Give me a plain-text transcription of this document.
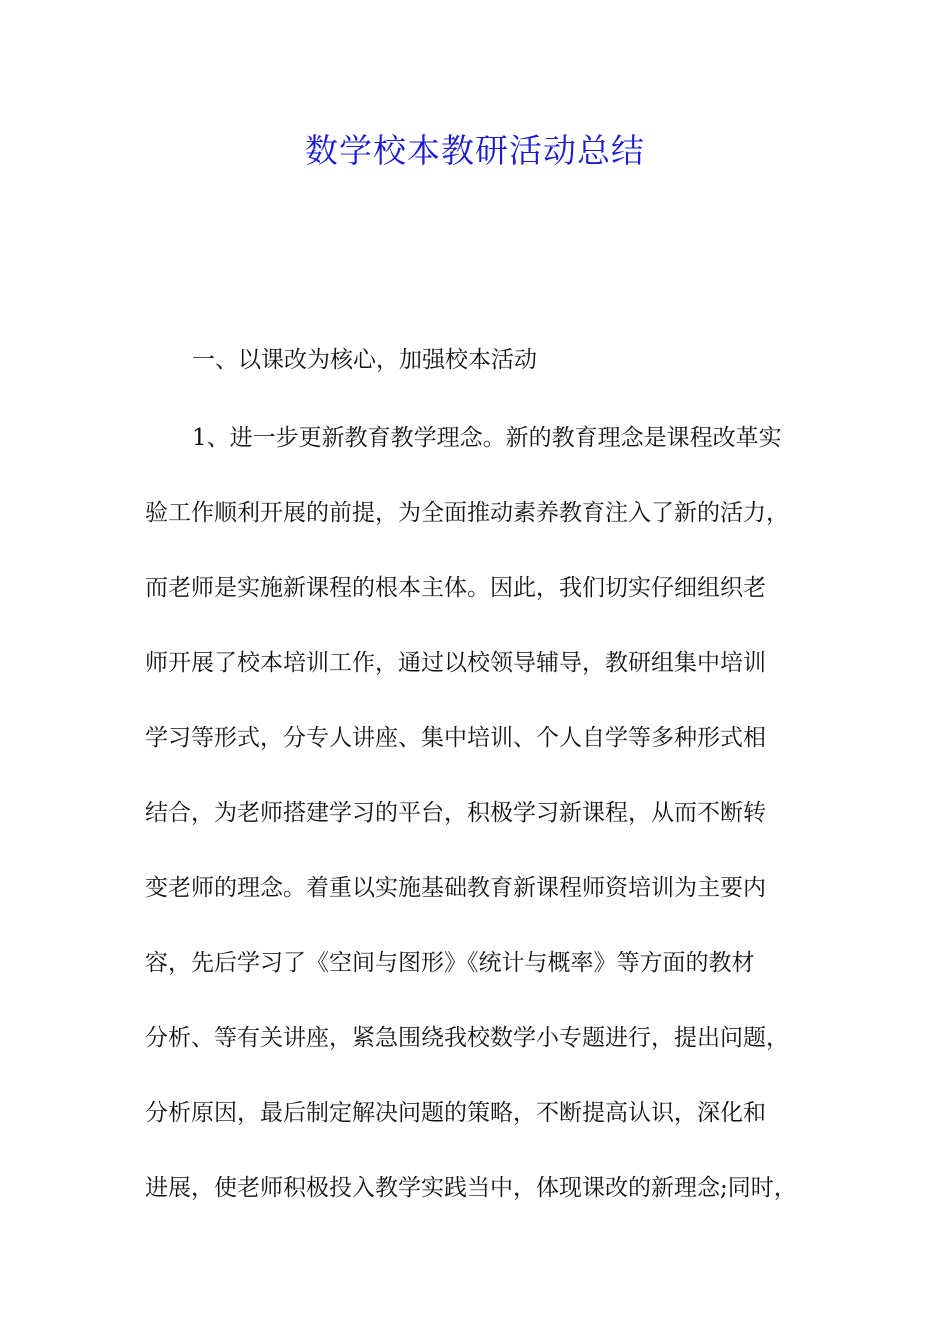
数学校本教研活动总结
一、以课改为核心，加强校本活动
1、进一步更新教育教学理念。新的教育理念是课程改革实
验工作顺利开展的前提，为全面推动素养教育注入了新的活力，
而老师是实施新课程的根本主体。因此，我们切实仔细组织老
师开展了校本培训工作，通过以校领导辅导，教研组集中培训
学习等形式，分专人讲座、集中培训、个人自学等多种形式相
结合，为老师搭建学习的平台，积极学习新课程，从而不断转
变老师的理念。着重以实施基础教育新课程师资培训为主要内
容，先后学习了《空间与图形》《统计与概率》等方面的教材
分析、等有关讲座，紧急围绕我校数学小专题进行，提出问题，
分析原因，最后制定解决问题的策略，不断提高认识，深化和
进展，使老师积极投入教学实践当中，体现课改的新理念;同时，
